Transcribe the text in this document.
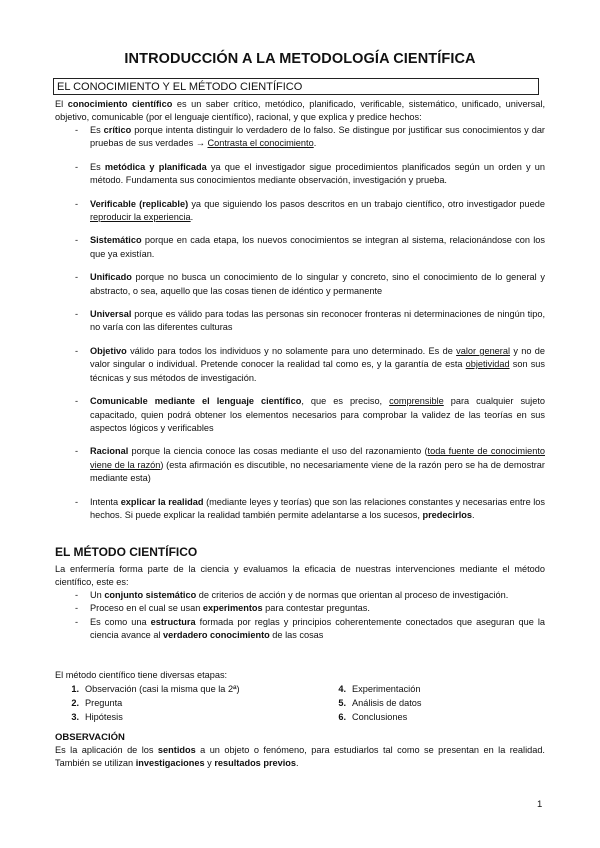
INTRODUCCIÓN A LA METODOLOGÍA CIENTÍFICA
EL CONOCIMIENTO Y EL MÉTODO CIENTÍFICO

El conocimiento científico es un saber crítico, metódico, planificado, verificable, sistemático, unificado, universal, objetivo, comunicable (por el lenguaje científico), racional, y que explica y predice hechos:

- Es crítico porque intenta distinguir lo verdadero de lo falso. Se distingue por justificar sus conocimientos y dar pruebas de sus verdades → Contrasta el conocimiento.
- Es metódica y planificada ya que el investigador sigue procedimientos planificados según un orden y un método. Fundamenta sus conocimientos mediante observación, investigación y prueba.
- Verificable (replicable) ya que siguiendo los pasos descritos en un trabajo científico, otro investigador puede reproducir la experiencia.
- Sistemático porque en cada etapa, los nuevos conocimientos se integran al sistema, relacionándose con los que ya existían.
- Unificado porque no busca un conocimiento de lo singular y concreto, sino el conocimiento de lo general y abstracto, o sea, aquello que las cosas tienen de idéntico y permanente
- Universal porque es válido para todas las personas sin reconocer fronteras ni determinaciones de ningún tipo, no varía con las diferentes culturas
- Objetivo válido para todos los individuos y no solamente para uno determinado. Es de valor general y no de valor singular o individual. Pretende conocer la realidad tal como es, y la garantía de esta objetividad son sus técnicas y sus métodos de investigación.
- Comunicable mediante el lenguaje científico, que es preciso, comprensible para cualquier sujeto capacitado, quien podrá obtener los elementos necesarios para comprobar la validez de las teorías en sus aspectos lógicos y verificables
- Racional porque la ciencia conoce las cosas mediante el uso del razonamiento (toda fuente de conocimiento viene de la razón) (esta afirmación es discutible, no necesariamente viene de la razón pero se ha de demostrar mediante esta)
- Intenta explicar la realidad (mediante leyes y teorías) que son las relaciones constantes y necesarias entre los hechos. Si puede explicar la realidad también permite adelantarse a los sucesos, predecirlos.
EL MÉTODO CIENTÍFICO

La enfermería forma parte de la ciencia y evaluamos la eficacia de nuestras intervenciones mediante el método científico, este es:

- Un conjunto sistemático de criterios de acción y de normas que orientan al proceso de investigación.
- Proceso en el cual se usan experimentos para contestar preguntas.
- Es como una estructura formada por reglas y principios coherentemente conectados que aseguran que la ciencia avance al verdadero conocimiento de las cosas

El método científico tiene diversas etapas:

1. Observación (casi la misma que la 2ª)
2. Pregunta
3. Hipótesis
4. Experimentación
5. Análisis de datos
6. Conclusiones
OBSERVACIÓN

Es la aplicación de los sentidos a un objeto o fenómeno, para estudiarlos tal como se presentan en la realidad. También se utilizan investigaciones y resultados previos.

1
